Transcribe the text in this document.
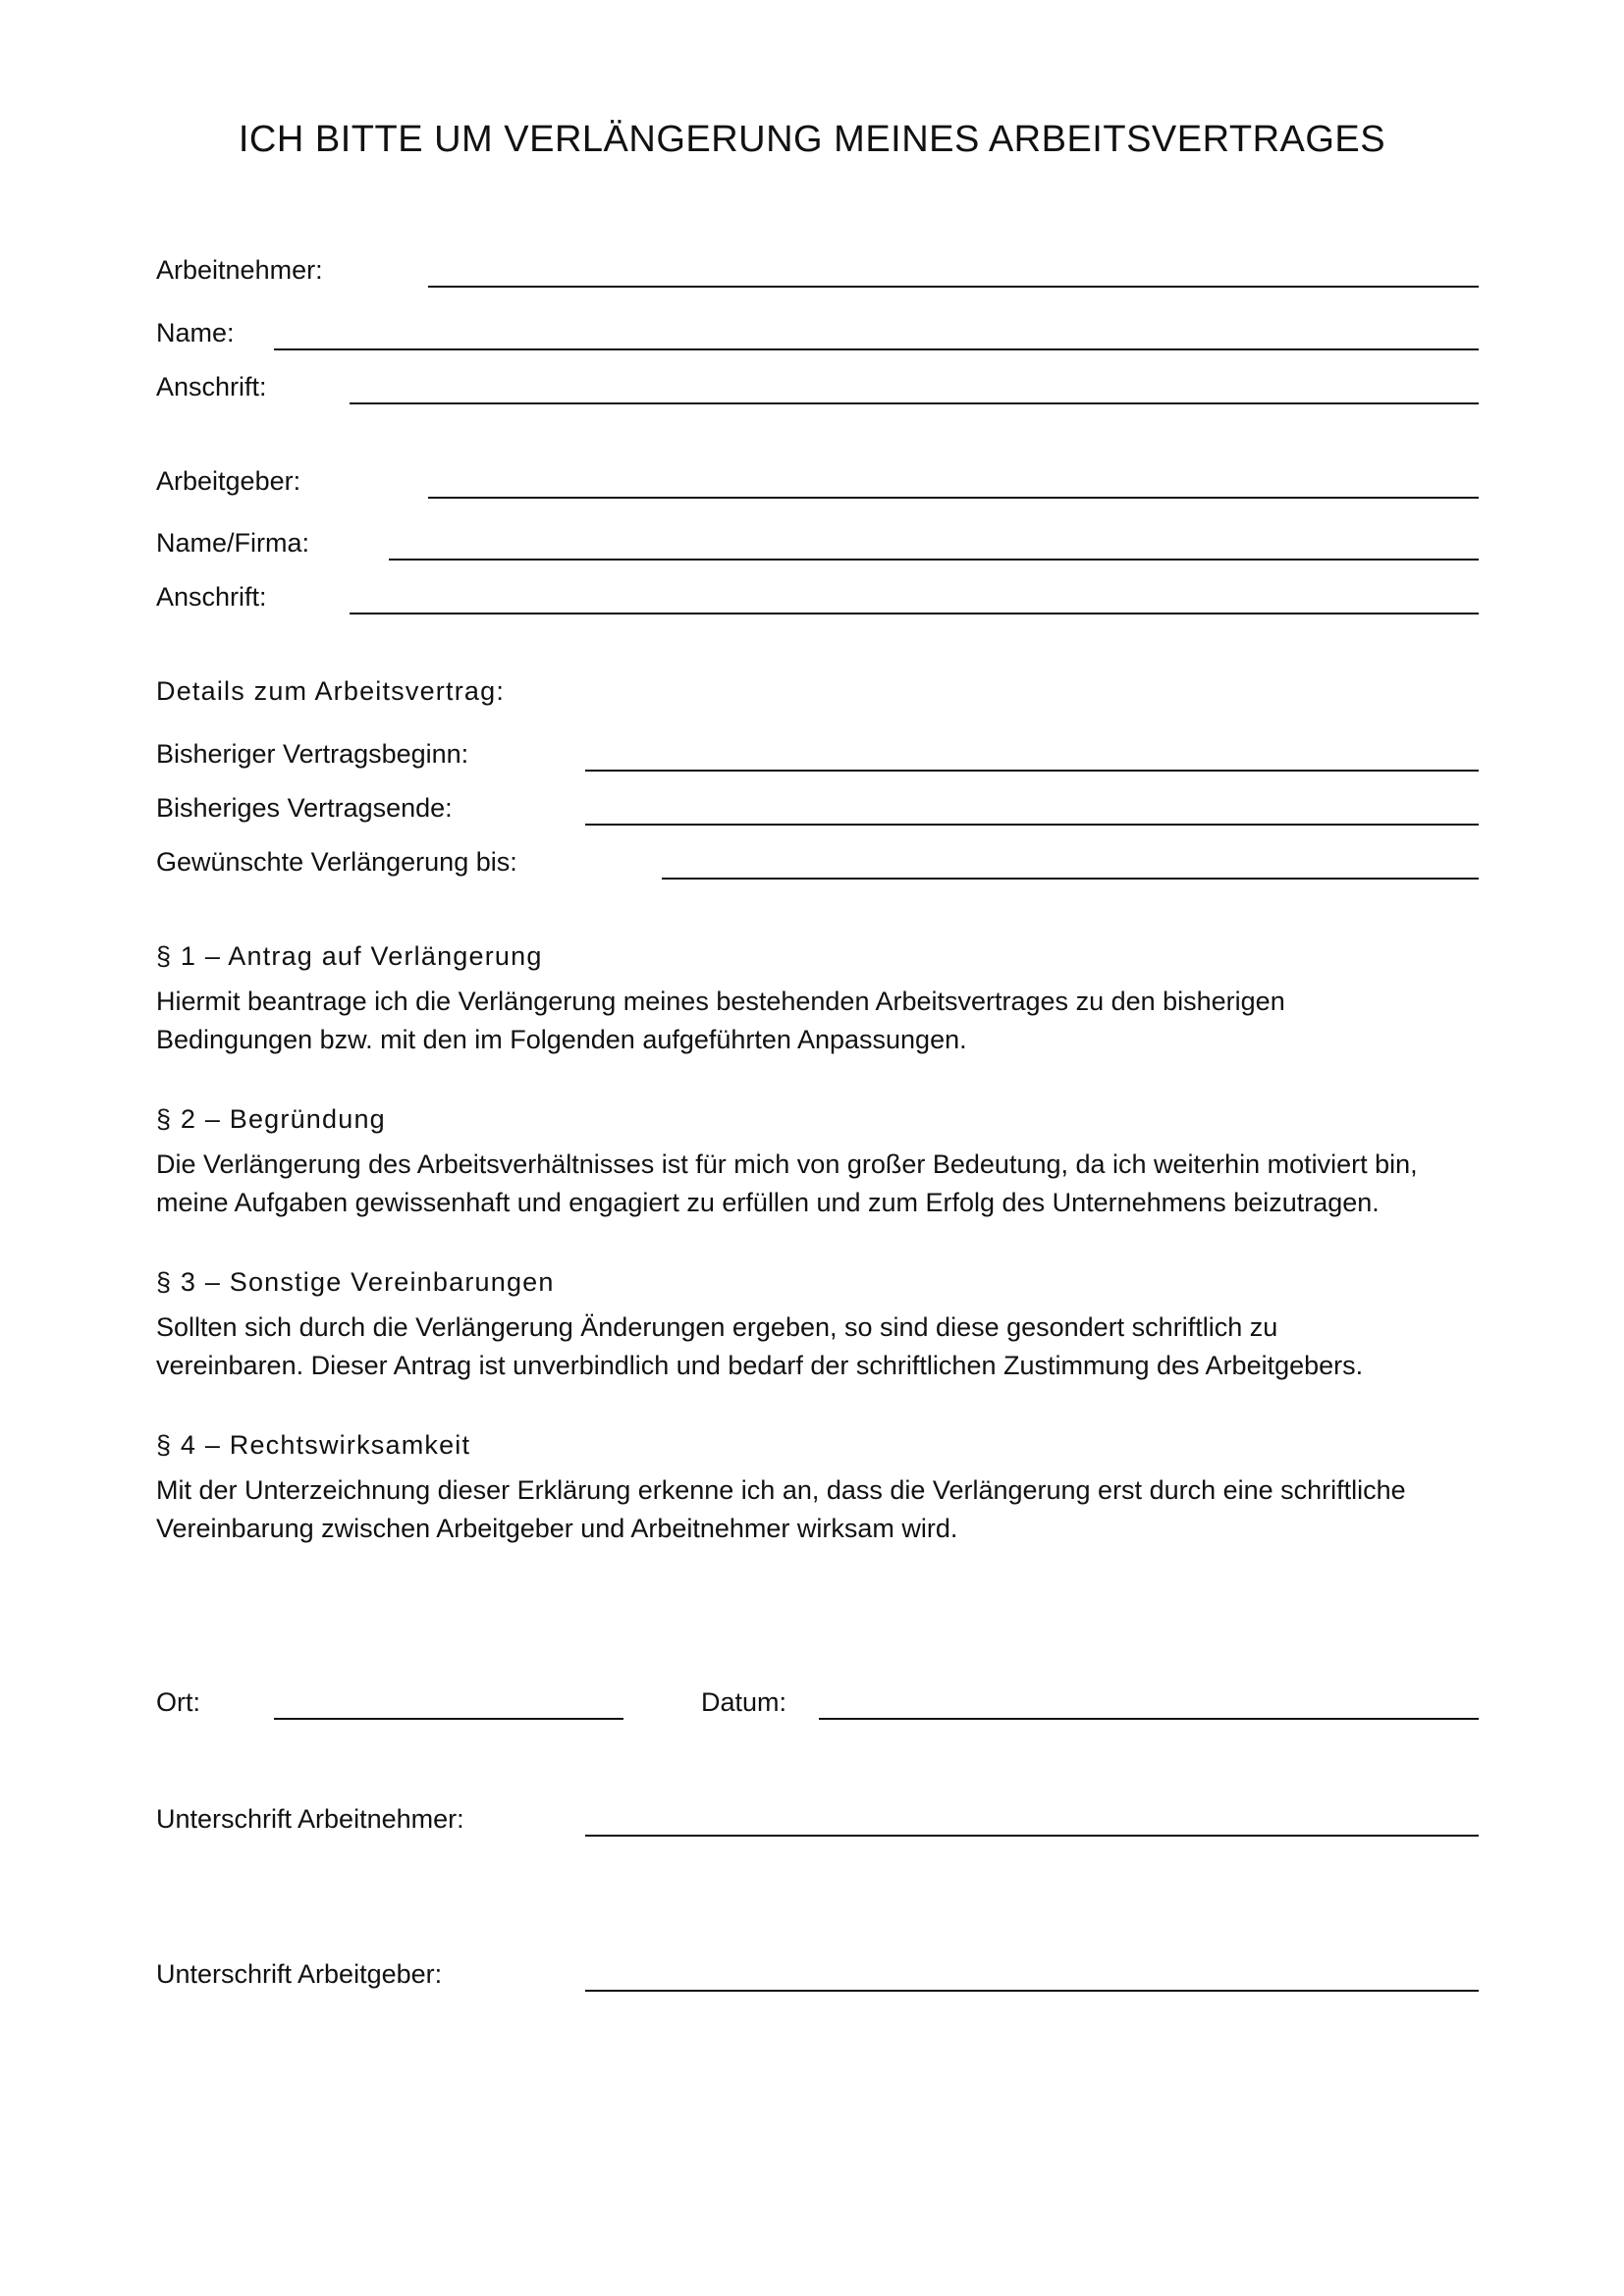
ICH BITTE UM VERLÄNGERUNG MEINES ARBEITSVERTRAGES
Arbeitnehmer:
Name:
Anschrift:
Arbeitgeber:
Name/Firma:
Anschrift:
Details zum Arbeitsvertrag:
Bisheriger Vertragsbeginn:
Bisheriges Vertragsende:
Gewünschte Verlängerung bis:
§ 1 – Antrag auf Verlängerung
Hiermit beantrage ich die Verlängerung meines bestehenden Arbeitsvertrages zu den bisherigen
Bedingungen bzw. mit den im Folgenden aufgeführten Anpassungen.
§ 2 – Begründung
Die Verlängerung des Arbeitsverhältnisses ist für mich von großer Bedeutung, da ich weiterhin motiviert bin,
meine Aufgaben gewissenhaft und engagiert zu erfüllen und zum Erfolg des Unternehmens beizutragen.
§ 3 – Sonstige Vereinbarungen
Sollten sich durch die Verlängerung Änderungen ergeben, so sind diese gesondert schriftlich zu
vereinbaren. Dieser Antrag ist unverbindlich und bedarf der schriftlichen Zustimmung des Arbeitgebers.
§ 4 – Rechtswirksamkeit
Mit der Unterzeichnung dieser Erklärung erkenne ich an, dass die Verlängerung erst durch eine schriftliche
Vereinbarung zwischen Arbeitgeber und Arbeitnehmer wirksam wird.
Ort:	Datum:
Unterschrift Arbeitnehmer:
Unterschrift Arbeitgeber:
